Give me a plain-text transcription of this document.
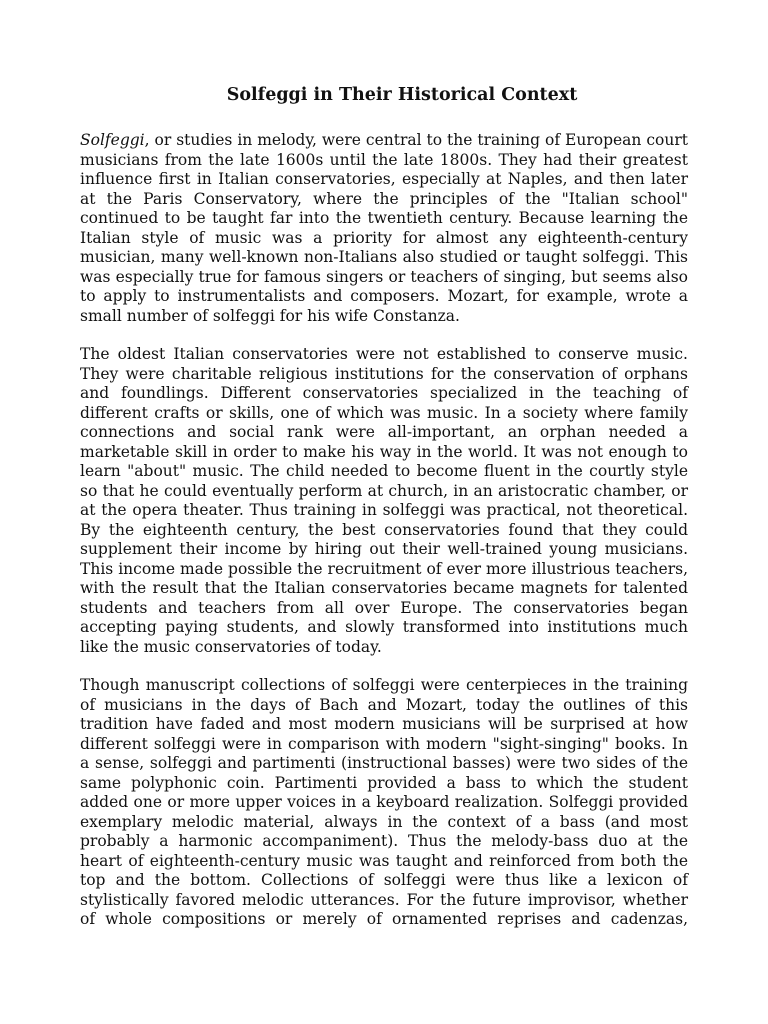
Solfeggi in Their Historical Context

Solfeggi, or studies in melody, were central to the training of European court musicians from the late 1600s until the late 1800s. They had their greatest influence first in Italian conservatories, especially at Naples, and then later at the Paris Conservatory, where the principles of the "Italian school" continued to be taught far into the twentieth century. Because learning the Italian style of music was a priority for almost any eighteenth-century musician, many well-known non-Italians also studied or taught solfeggi. This was especially true for famous singers or teachers of singing, but seems also to apply to instrumentalists and composers. Mozart, for example, wrote a small number of solfeggi for his wife Constanza.

The oldest Italian conservatories were not established to conserve music. They were charitable religious institutions for the conservation of orphans and foundlings. Different conservatories specialized in the teaching of different crafts or skills, one of which was music. In a society where family connections and social rank were all-important, an orphan needed a marketable skill in order to make his way in the world. It was not enough to learn "about" music. The child needed to become fluent in the courtly style so that he could eventually perform at church, in an aristocratic chamber, or at the opera theater. Thus training in solfeggi was practical, not theoretical. By the eighteenth century, the best conservatories found that they could supplement their income by hiring out their well-trained young musicians. This income made possible the recruitment of ever more illustrious teachers, with the result that the Italian conservatories became magnets for talented students and teachers from all over Europe. The conservatories began accepting paying students, and slowly transformed into institutions much like the music conservatories of today.

Though manuscript collections of solfeggi were centerpieces in the training of musicians in the days of Bach and Mozart, today the outlines of this tradition have faded and most modern musicians will be surprised at how different solfeggi were in comparison with modern "sight-singing" books. In a sense, solfeggi and partimenti (instructional basses) were two sides of the same polyphonic coin. Partimenti provided a bass to which the student added one or more upper voices in a keyboard realization. Solfeggi provided exemplary melodic material, always in the context of a bass (and most probably a harmonic accompaniment). Thus the melody-bass duo at the heart of eighteenth-century music was taught and reinforced from both the top and the bottom. Collections of solfeggi were thus like a lexicon of stylistically favored melodic utterances. For the future improvisor, whether of whole compositions or merely of ornamented reprises and cadenzas,
